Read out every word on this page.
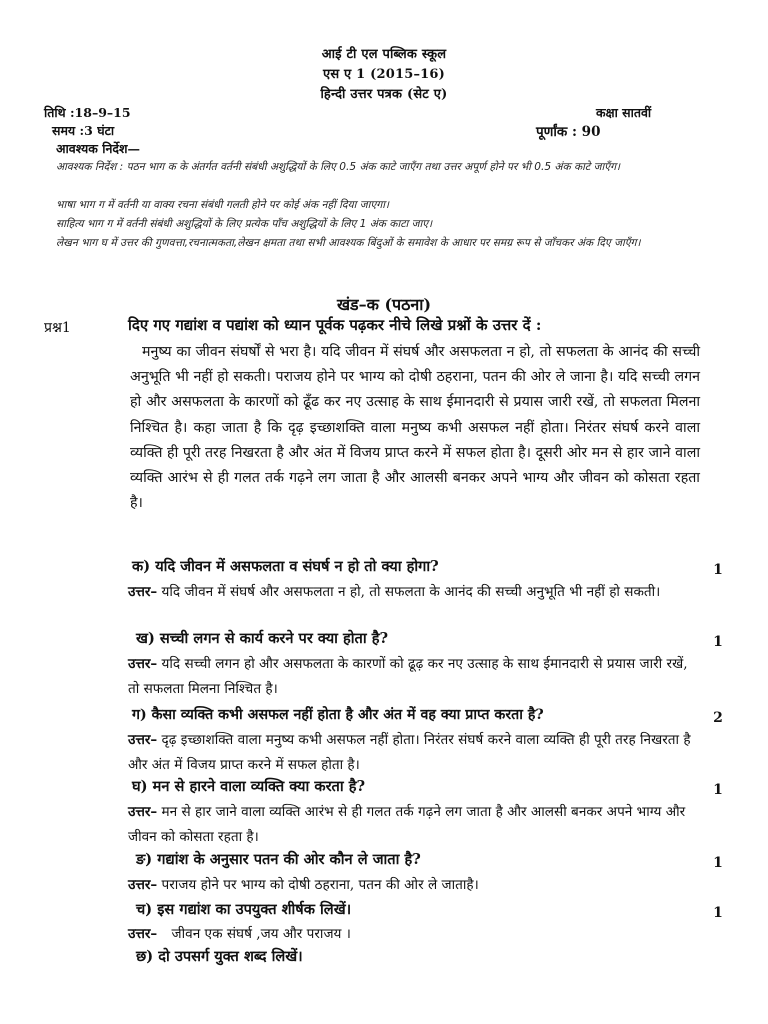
आई टी एल पब्लिक स्कूल
एस ए 1 (2015–16)
हिन्दी उत्तर पत्रक (सेट ए)
तिथि :18–9–15	कक्षा सातवीं
समय :3 घंटा	पूर्णांक : 90
आवश्यक निर्देश—
आवश्यक निर्देश : पठन भाग क के अंतर्गत वर्तनी संबंधी अशुद्धियों के लिए 0.5 अंक काटे जाएँग तथा उत्तर अपूर्ण होने पर भी 0.5 अंक काटे जाएँग।
भाषा भाग ग में वर्तनी या वाक्य रचना संबंधी गलती होने पर कोई अंक नहीं दिया जाएगा।
साहित्य भाग ग में वर्तनी संबंधी अशुद्धियों के लिए प्रत्येक पाँच अशुद्धियों के लिए 1 अंक काटा जाए।
लेखन भाग घ में उत्तर की गुणवत्ता,रचनात्मकता,लेखन क्षमता तथा सभी आवश्यक बिंदुओं के समावेश के आधार पर समग्र रूप से जाँचकर अंक दिए जाएँग।
खंड–क (पठना)
प्रश्न1	दिए गए गद्यांश व पद्यांश को ध्यान पूर्वक पढ़कर नीचे लिखे प्रश्नों के उत्तर दें :
मनुष्य का जीवन संघर्षों से भरा है। यदि जीवन में संघर्ष और असफलता न हो, तो सफलता के आनंद की सच्ची अनुभूति भी नहीं हो सकती। पराजय होने पर भाग्य को दोषी ठहराना, पतन की ओर ले जाना है। यदि सच्ची लगन हो और असफलता के कारणों को ढूँढ कर नए उत्साह के साथ ईमानदारी से प्रयास जारी रखें, तो सफलता मिलना निश्चित है। कहा जाता है कि दृढ़ इच्छाशक्ति वाला मनुष्य कभी असफल नहीं होता। निरंतर संघर्ष करने वाला व्यक्ति ही पूरी तरह निखरता है और अंत में विजय प्राप्त करने में सफल होता है। दूसरी ओर मन से हार जाने वाला व्यक्ति आरंभ से ही गलत तर्क गढ़ने लग जाता है और आलसी बनकर अपने भाग्य और जीवन को कोसता रहता है।
क) यदि जीवन में असफलता व संघर्ष न हो तो क्या होगा?	1
उत्तर– यदि जीवन में संघर्ष और असफलता न हो, तो सफलता के आनंद की सच्ची अनुभूति भी नहीं हो सकती।
ख) सच्ची लगन से कार्य करने पर क्या होता है?	1
उत्तर– यदि सच्ची लगन हो और असफलता के कारणों को ढूढ़ कर नए उत्साह के साथ ईमानदारी से प्रयास जारी रखें, तो सफलता मिलना निश्चित है।
ग) कैसा व्यक्ति कभी असफल नहीं होता है और अंत में वह क्या प्राप्त करता है?	2
उत्तर– दृढ़ इच्छाशक्ति वाला मनुष्य कभी असफल नहीं होता। निरंतर संघर्ष करने वाला व्यक्ति ही पूरी तरह निखरता है और अंत में विजय प्राप्त करने में सफल होता है।
घ) मन से हारने वाला व्यक्ति क्या करता है?	1
उत्तर– मन से हार जाने वाला व्यक्ति आरंभ से ही गलत तर्क गढ़ने लग जाता है और आलसी बनकर अपने भाग्य और जीवन को कोसता रहता है।
ङ) गद्यांश के अनुसार पतन की ओर कौन ले जाता है?	1
उत्तर– पराजय होने पर भाग्य को दोषी ठहराना, पतन की ओर ले जाताहै।
च) इस गद्यांश का उपयुक्त शीर्षक लिखें।	1
उत्तर– जीवन एक संघर्ष ,जय और पराजय ।
छ) दो उपसर्ग युक्त शब्द लिखें।
